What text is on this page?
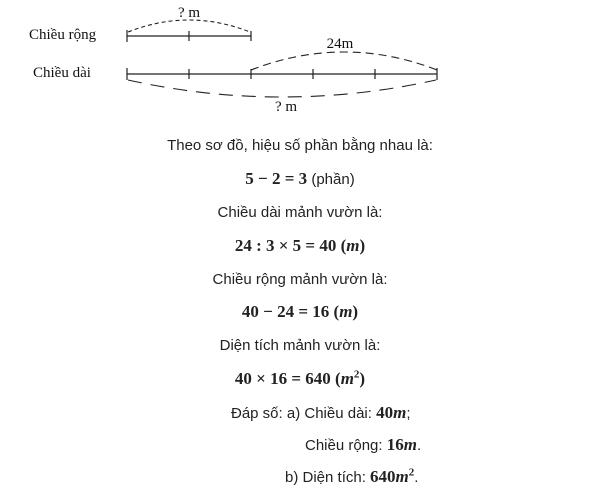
Chiều rộng
Chiều dài
? m
24m
? m
Theo sơ đồ, hiệu số phần bằng nhau là:
5 − 2 = 3 (phần)
Chiều dài mảnh vườn là:
24 : 3 × 5 = 40 (m)
Chiều rộng mảnh vườn là:
40 − 24 = 16 (m)
Diện tích mảnh vườn là:
40 × 16 = 640 $(m^2)$
Đáp số: a) Chiều dài: 40m;
Chiều rộng: 16m.
b) Diện tích: $640m^2$.
